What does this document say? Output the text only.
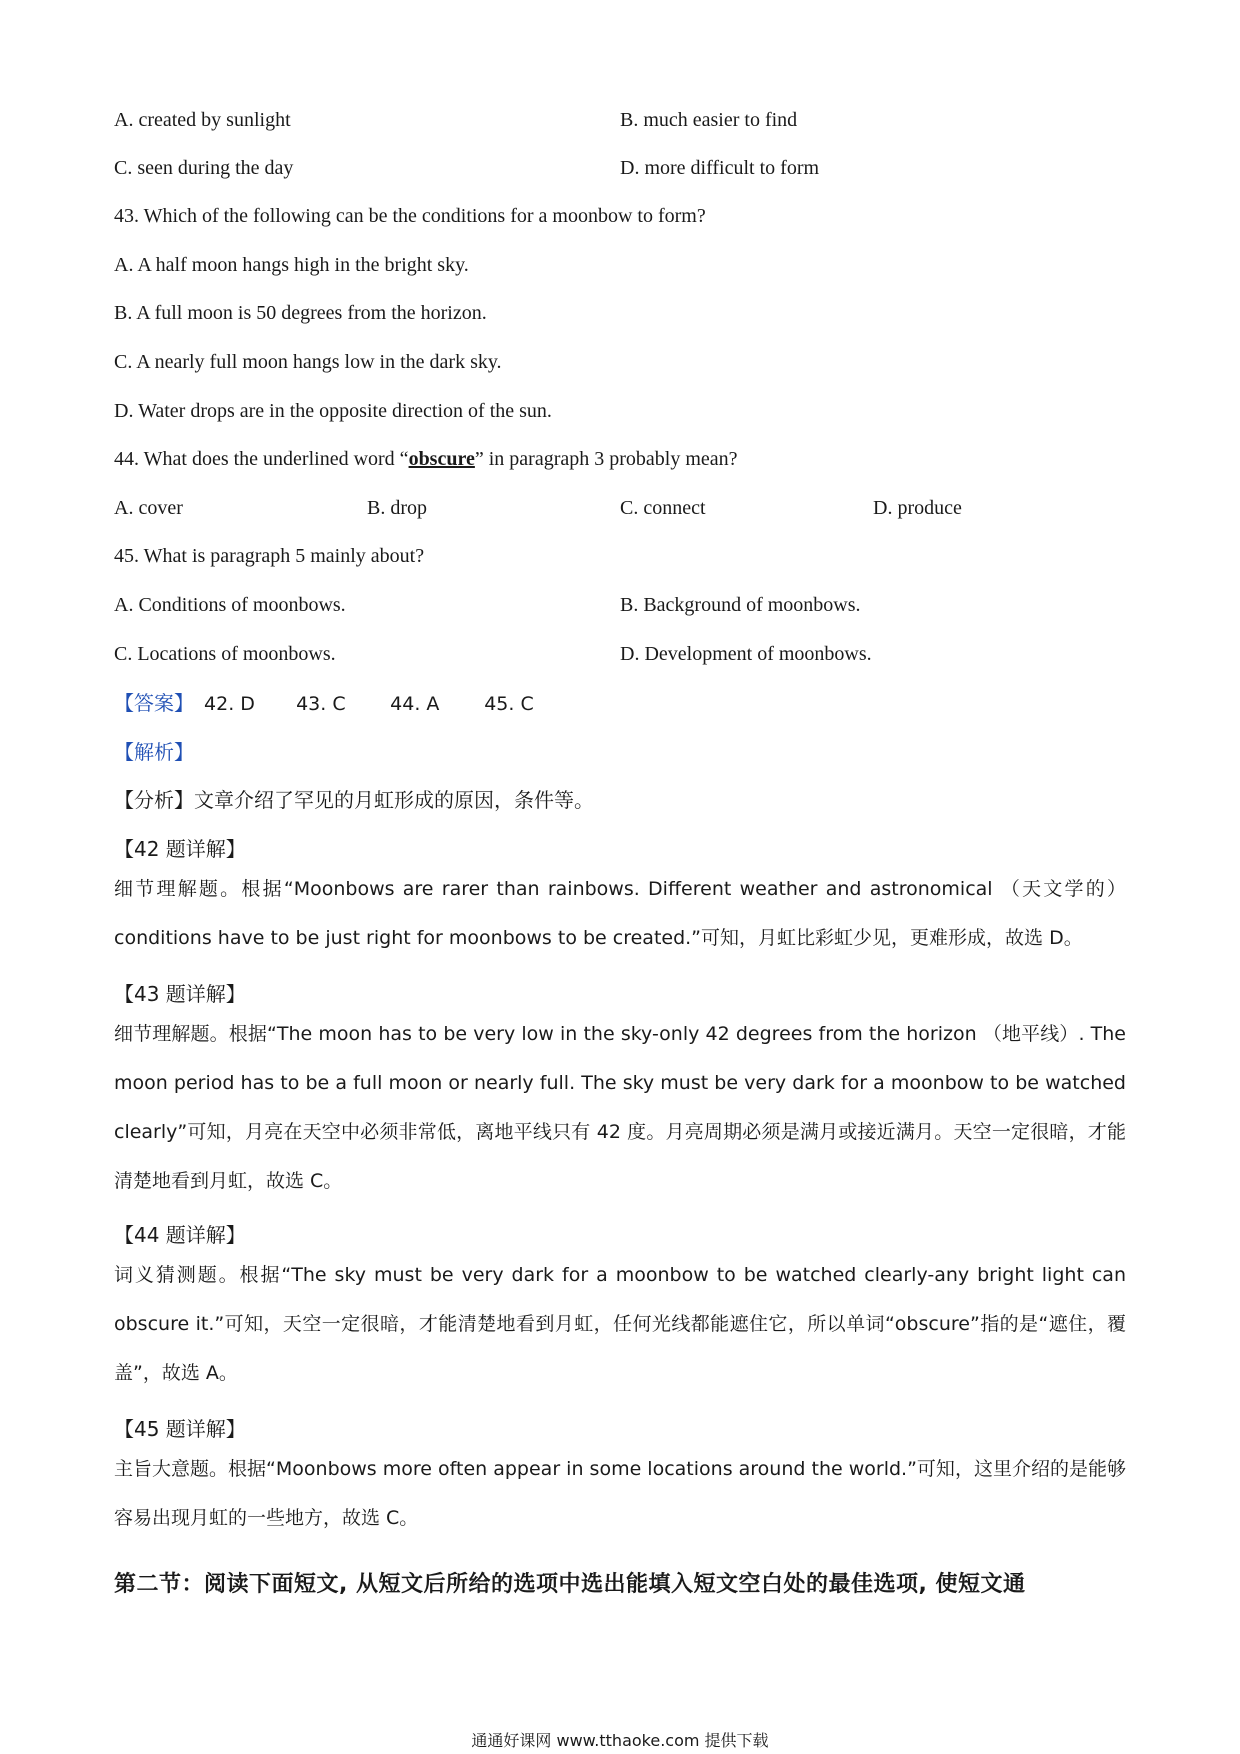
A. created by sunlight	B. much easier to find
C. seen during the day	D. more difficult to form
43. Which of the following can be the conditions for a moonbow to form?
A. A half moon hangs high in the bright sky.
B. A full moon is 50 degrees from the horizon.
C. A nearly full moon hangs low in the dark sky.
D. Water drops are in the opposite direction of the sun.
44. What does the underlined word “obscure” in paragraph 3 probably mean?
A. cover	B. drop	C. connect	D. produce
45. What is paragraph 5 mainly about?
A. Conditions of moonbows.	B. Background of moonbows.
C. Locations of moonbows.	D. Development of moonbows.
【答案】 42. D 43. C 44. A 45. C
【解析】
【分析】文章介绍了罕见的月虹形成的原因，条件等。
【42 题详解】
细节理解题。根据“Moonbows are rarer than rainbows. Different weather and astronomical （天文学的） conditions have to be just right for moonbows to be created.”可知，月虹比彩虹少见，更难形成，故选 D。
【43 题详解】
细节理解题。根据“The moon has to be very low in the sky-only 42 degrees from the horizon （地平线）. The moon period has to be a full moon or nearly full. The sky must be very dark for a moonbow to be watched clearly”可知，月亮在天空中必须非常低，离地平线只有 42 度。月亮周期必须是满月或接近满月。天空一定很暗，才能清楚地看到月虹，故选 C。
【44 题详解】
词义猜测题。根据“The sky must be very dark for a moonbow to be watched clearly-any bright light can obscure it.”可知，天空一定很暗，才能清楚地看到月虹，任何光线都能遮住它，所以单词“obscure”指的是“遮住，覆盖”，故选 A。
【45 题详解】
主旨大意题。根据“Moonbows more often appear in some locations around the world.”可知，这里介绍的是能够容易出现月虹的一些地方，故选 C。
第二节：阅读下面短文, 从短文后所给的选项中选出能填入短文空白处的最佳选项, 使短文通
通通好课网 www.tthaoke.com 提供下载
